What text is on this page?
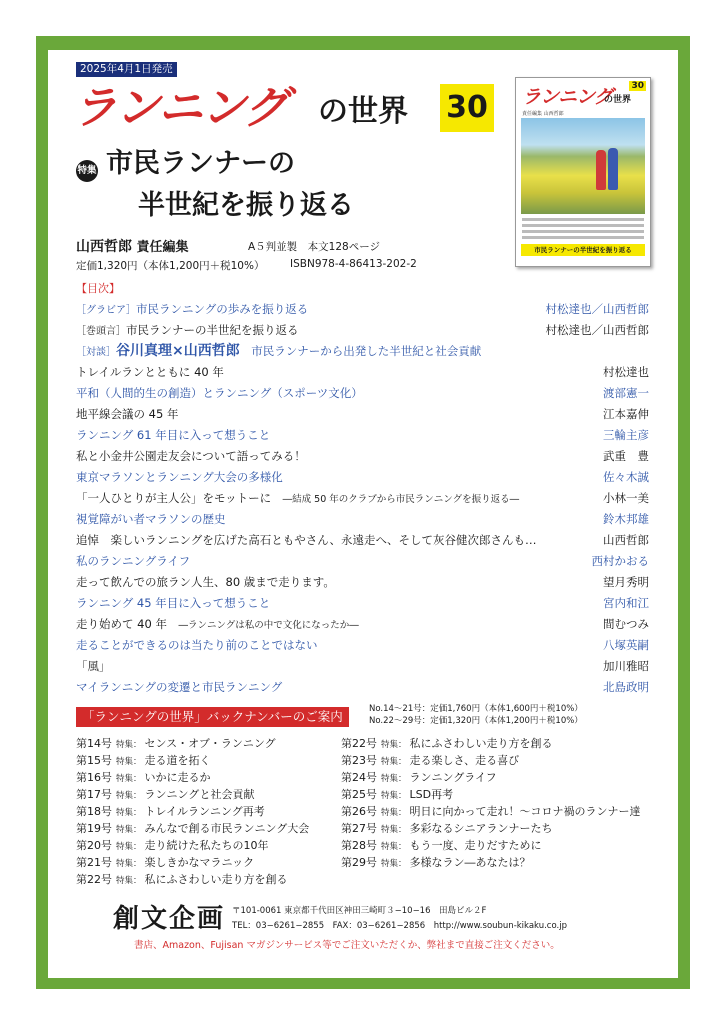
2025年4月1日発売
ランニング の世界 30	ランニング
の世界
30
責任編集 山西哲郎
市民ランナーの半世紀を振り返る
特集 市民ランナーの
半世紀を振り返る
山西哲郎 責任編集	A５判並製　本文128ページ
定価1,320円（本体1,200円＋税10%） ISBN978-4-86413-202-2
【目次】
［グラビア］市民ランニングの歩みを振り返る	村松達也／山西哲郎
［巻頭言］市民ランナーの半世紀を振り返る	村松達也／山西哲郎
［対談］谷川真理×山西哲郎　市民ランナーから出発した半世紀と社会貢献
トレイルランとともに 40 年	村松達也
平和（人間的生の創造）とランニング（スポーツ文化）	渡部憲一
地平線会議の 45 年	江本嘉伸
ランニング 61 年目に入って想うこと	三輪主彦
私と小金井公園走友会について語ってみる！	武重　豊
東京マラソンとランニング大会の多様化	佐々木誠
「一人ひとりが主人公」をモットーに　―結成 50 年のクラブから市民ランニングを振り返る―	小林一美
視覚障がい者マラソンの歴史	鈴木邦雄
追悼　楽しいランニングを広げた高石ともやさん、永遠走へ、そして灰谷健次郎さんも…	山西哲郎
私のランニングライフ	西村かおる
走って飲んでの旅ラン人生、80 歳まで走ります。	望月秀明
ランニング 45 年目に入って想うこと	宮内和江
走り始めて 40 年　―ランニングは私の中で文化になったか―	間むつみ
走ることができるのは当たり前のことではない	八塚英嗣
「風」	加川雅昭
マイランニングの変遷と市民ランニング	北島政明
「ランニングの世界」バックナンバーのご案内	No.14〜21号：定価1,760円（本体1,600円＋税10%）
No.22〜29号：定価1,320円（本体1,200円＋税10%）
第14号 特集： センス・オブ・ランニング
第15号 特集： 走る道を拓く
第16号 特集： いかに走るか
第17号 特集： ランニングと社会貢献
第18号 特集： トレイルランニング再考
第19号 特集： みんなで創る市民ランニング大会
第20号 特集： 走り続けた私たちの10年
第21号 特集： 楽しきかなマラニック
第22号 特集： 私にふさわしい走り方を創る
第22号 特集： 私にふさわしい走り方を創る
第23号 特集： 走る楽しさ、走る喜び
第24号 特集： ランニングライフ
第25号 特集： LSD再考
第26号 特集： 明日に向かって走れ！〜コロナ禍のランナー達
第27号 特集： 多彩なるシニアランナーたち
第28号 特集： もう一度、走りだすために
第29号 特集： 多様なラン―あなたは？
創文企画 〒101-0061 東京都千代田区神田三崎町３−10−16　田島ビル２F
TEL：03−6261−2855　FAX：03−6261−2856　http://www.soubun-kikaku.co.jp
書店、Amazon、Fujisan マガジンサービス等でご注文いただくか、弊社まで直接ご注文ください。
